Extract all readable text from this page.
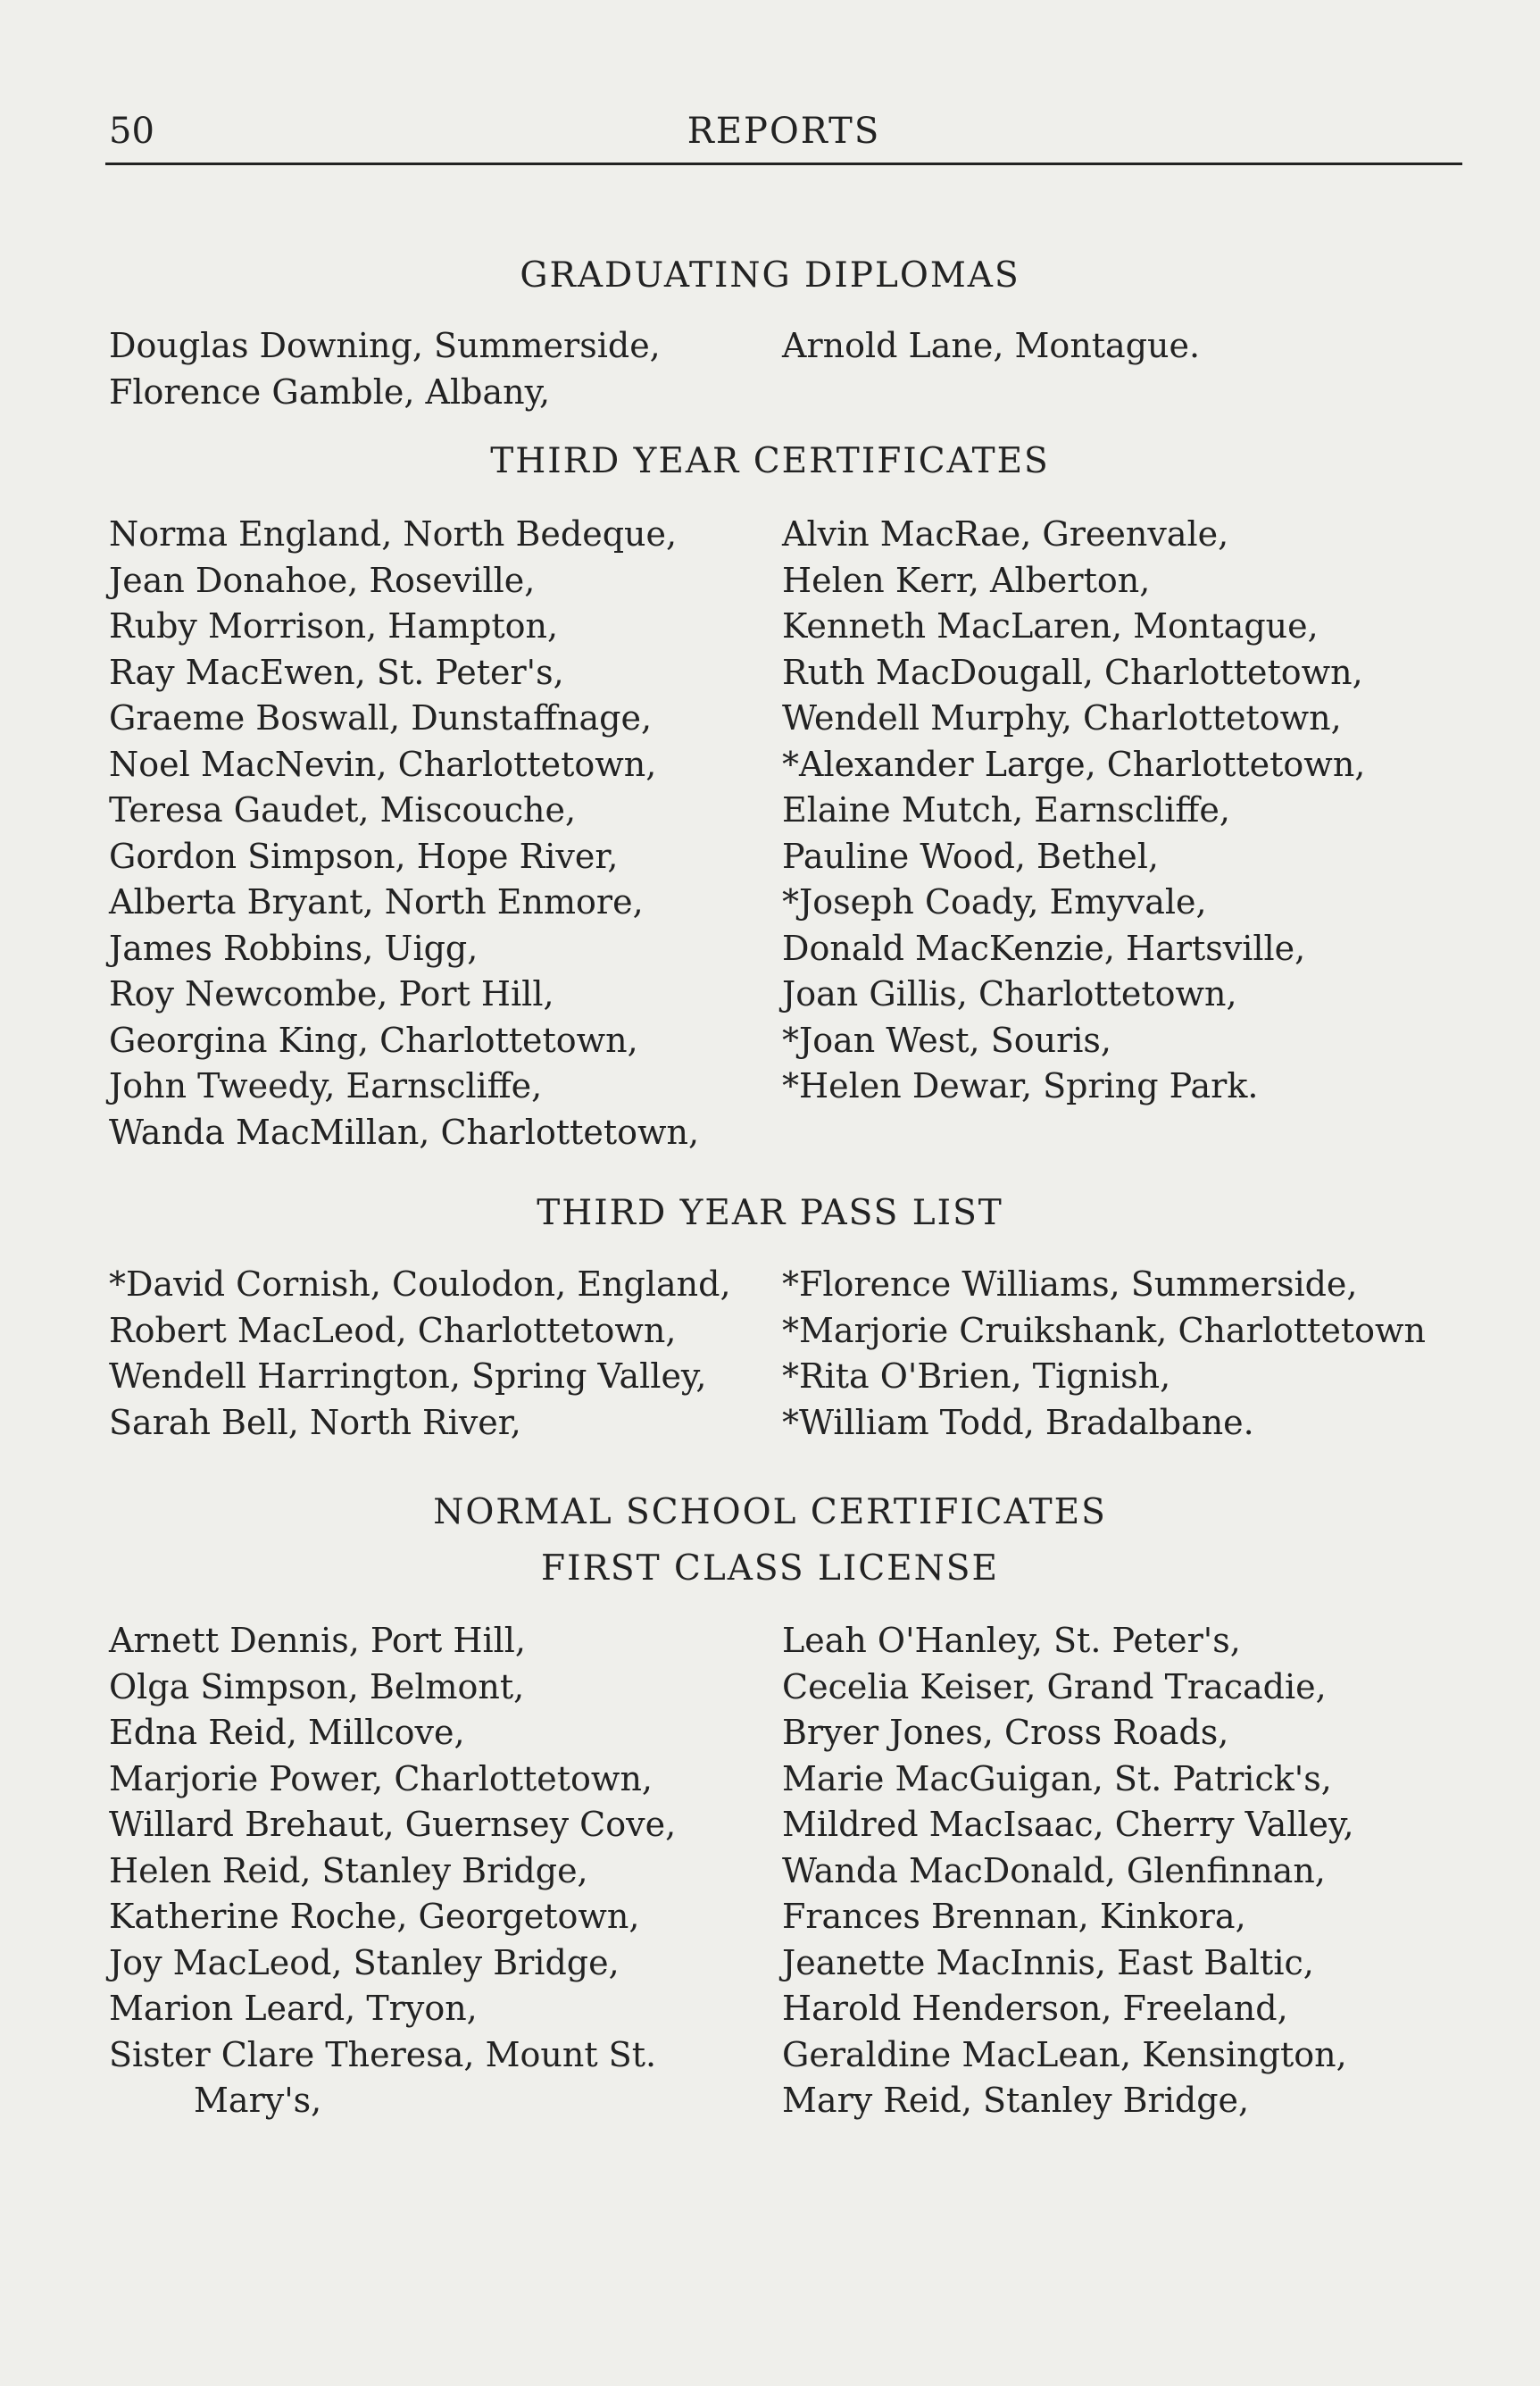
50	REPORTS
GRADUATING DIPLOMAS
Douglas Downing, Summerside,
Florence Gamble, Albany,
Arnold Lane, Montague.
THIRD YEAR CERTIFICATES
Norma England, North Bedeque,
Jean Donahoe, Roseville,
Ruby Morrison, Hampton,
Ray MacEwen, St. Peter's,
Graeme Boswall, Dunstaffnage,
Noel MacNevin, Charlottetown,
Teresa Gaudet, Miscouche,
Gordon Simpson, Hope River,
Alberta Bryant, North Enmore,
James Robbins, Uigg,
Roy Newcombe, Port Hill,
Georgina King, Charlottetown,
John Tweedy, Earnscliffe,
Wanda MacMillan, Charlottetown,
Alvin MacRae, Greenvale,
Helen Kerr, Alberton,
Kenneth MacLaren, Montague,
Ruth MacDougall, Charlottetown,
Wendell Murphy, Charlottetown,
*Alexander Large, Charlottetown,
Elaine Mutch, Earnscliffe,
Pauline Wood, Bethel,
*Joseph Coady, Emyvale,
Donald MacKenzie, Hartsville,
Joan Gillis, Charlottetown,
*Joan West, Souris,
*Helen Dewar, Spring Park.
THIRD YEAR PASS LIST
*David Cornish, Coulodon, England,
Robert MacLeod, Charlottetown,
Wendell Harrington, Spring Valley,
Sarah Bell, North River,
*Florence Williams, Summerside,
*Marjorie Cruikshank, Charlottetown
*Rita O'Brien, Tignish,
*William Todd, Bradalbane.
NORMAL SCHOOL CERTIFICATES
FIRST CLASS LICENSE
Arnett Dennis, Port Hill,
Olga Simpson, Belmont,
Edna Reid, Millcove,
Marjorie Power, Charlottetown,
Willard Brehaut, Guernsey Cove,
Helen Reid, Stanley Bridge,
Katherine Roche, Georgetown,
Joy MacLeod, Stanley Bridge,
Marion Leard, Tryon,
Sister Clare Theresa, Mount St.
Mary's,
Leah O'Hanley, St. Peter's,
Cecelia Keiser, Grand Tracadie,
Bryer Jones, Cross Roads,
Marie MacGuigan, St. Patrick's,
Mildred MacIsaac, Cherry Valley,
Wanda MacDonald, Glenfinnan,
Frances Brennan, Kinkora,
Jeanette MacInnis, East Baltic,
Harold Henderson, Freeland,
Geraldine MacLean, Kensington,
Mary Reid, Stanley Bridge,
